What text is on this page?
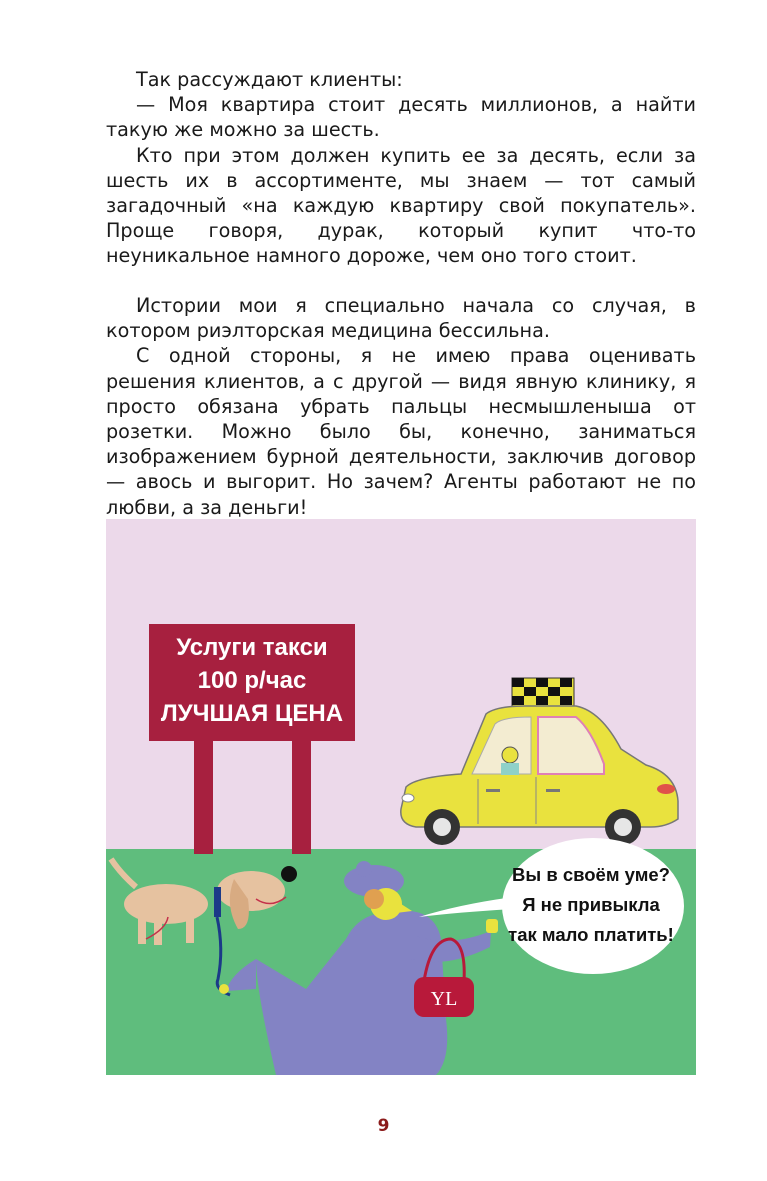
Так рассуждают клиенты:

— Моя квартира стоит десять миллионов, а найти такую же можно за шесть.

Кто при этом должен купить ее за десять, если за шесть их в ассортименте, мы знаем — тот самый загадочный «на каждую квартиру свой покупатель». Проще говоря, дурак, который купит что-то неуникальное намного дороже, чем оно того стоит.

Истории мои я специально начала со случая, в котором риэлторская медицина бессильна.

С одной стороны, я не имею права оценивать решения клиентов, а с другой — видя явную клинику, я просто обязана убрать пальцы несмышленыша от розетки. Можно было бы, конечно, заниматься изображением бурной деятельности, заключив договор — авось и выгорит. Но зачем? Агенты работают не по любви, а за деньги!

Услуги такси
100 р/час
ЛУЧШАЯ ЦЕНА
YL
Вы в своём уме?
Я не привыкла
так мало платить!
9
